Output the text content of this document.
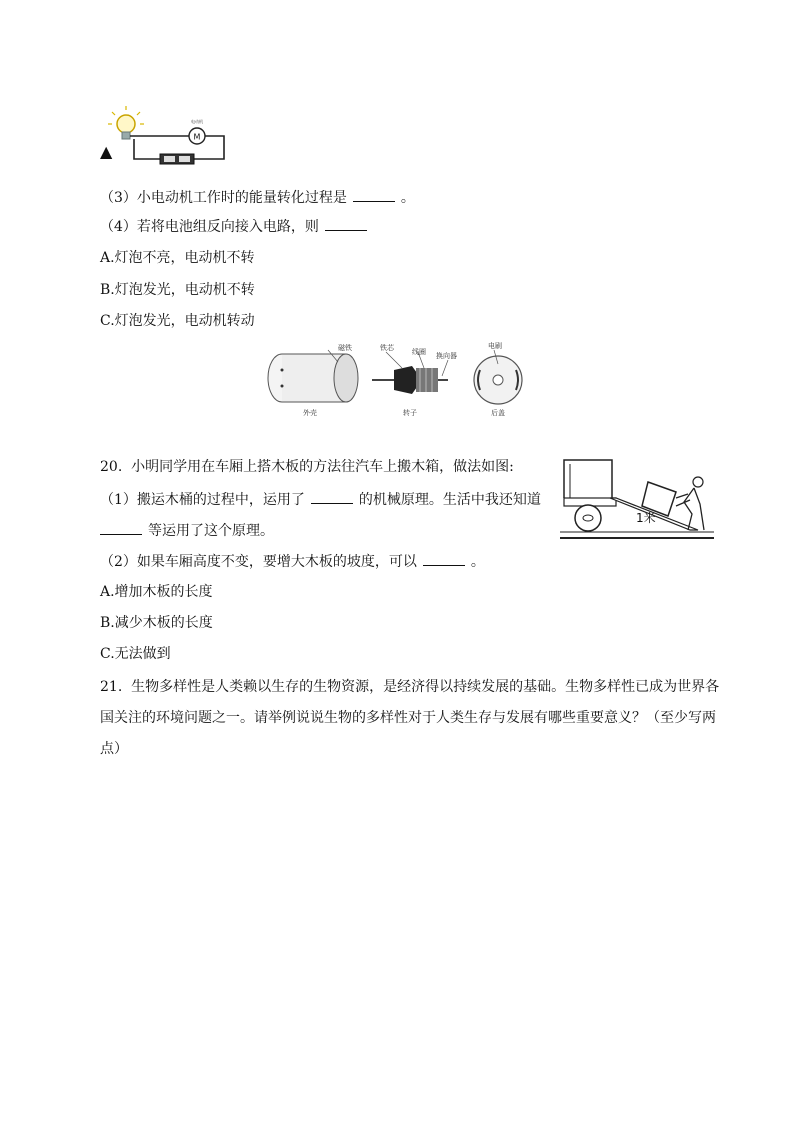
M
电动机
▲
（3）小电动机工作时的能量转化过程是	。
（4）若将电池组反向接入电路，则
A.灯泡不亮，电动机不转
B.灯泡发光，电动机不转
C.灯泡发光，电动机转动
磁铁
外壳
铁芯	线圈 换向器
转子
电刷
后盖
20. 小明同学用在车厢上搭木板的方法往汽车上搬木箱，做法如图:
（1）搬运木桶的过程中，运用了	的机械原理。生活中我还知道
等运用了这个原理。
（2）如果车厢高度不变，要增大木板的坡度，可以	。
A.增加木板的长度
B.减少木板的长度
C.无法做到
1米
21. 生物多样性是人类赖以生存的生物资源，是经济得以持续发展的基础。生物多样性已成为世界各
国关注的环境问题之一。请举例说说生物的多样性对于人类生存与发展有哪些重要意义？（至少写两
点）
